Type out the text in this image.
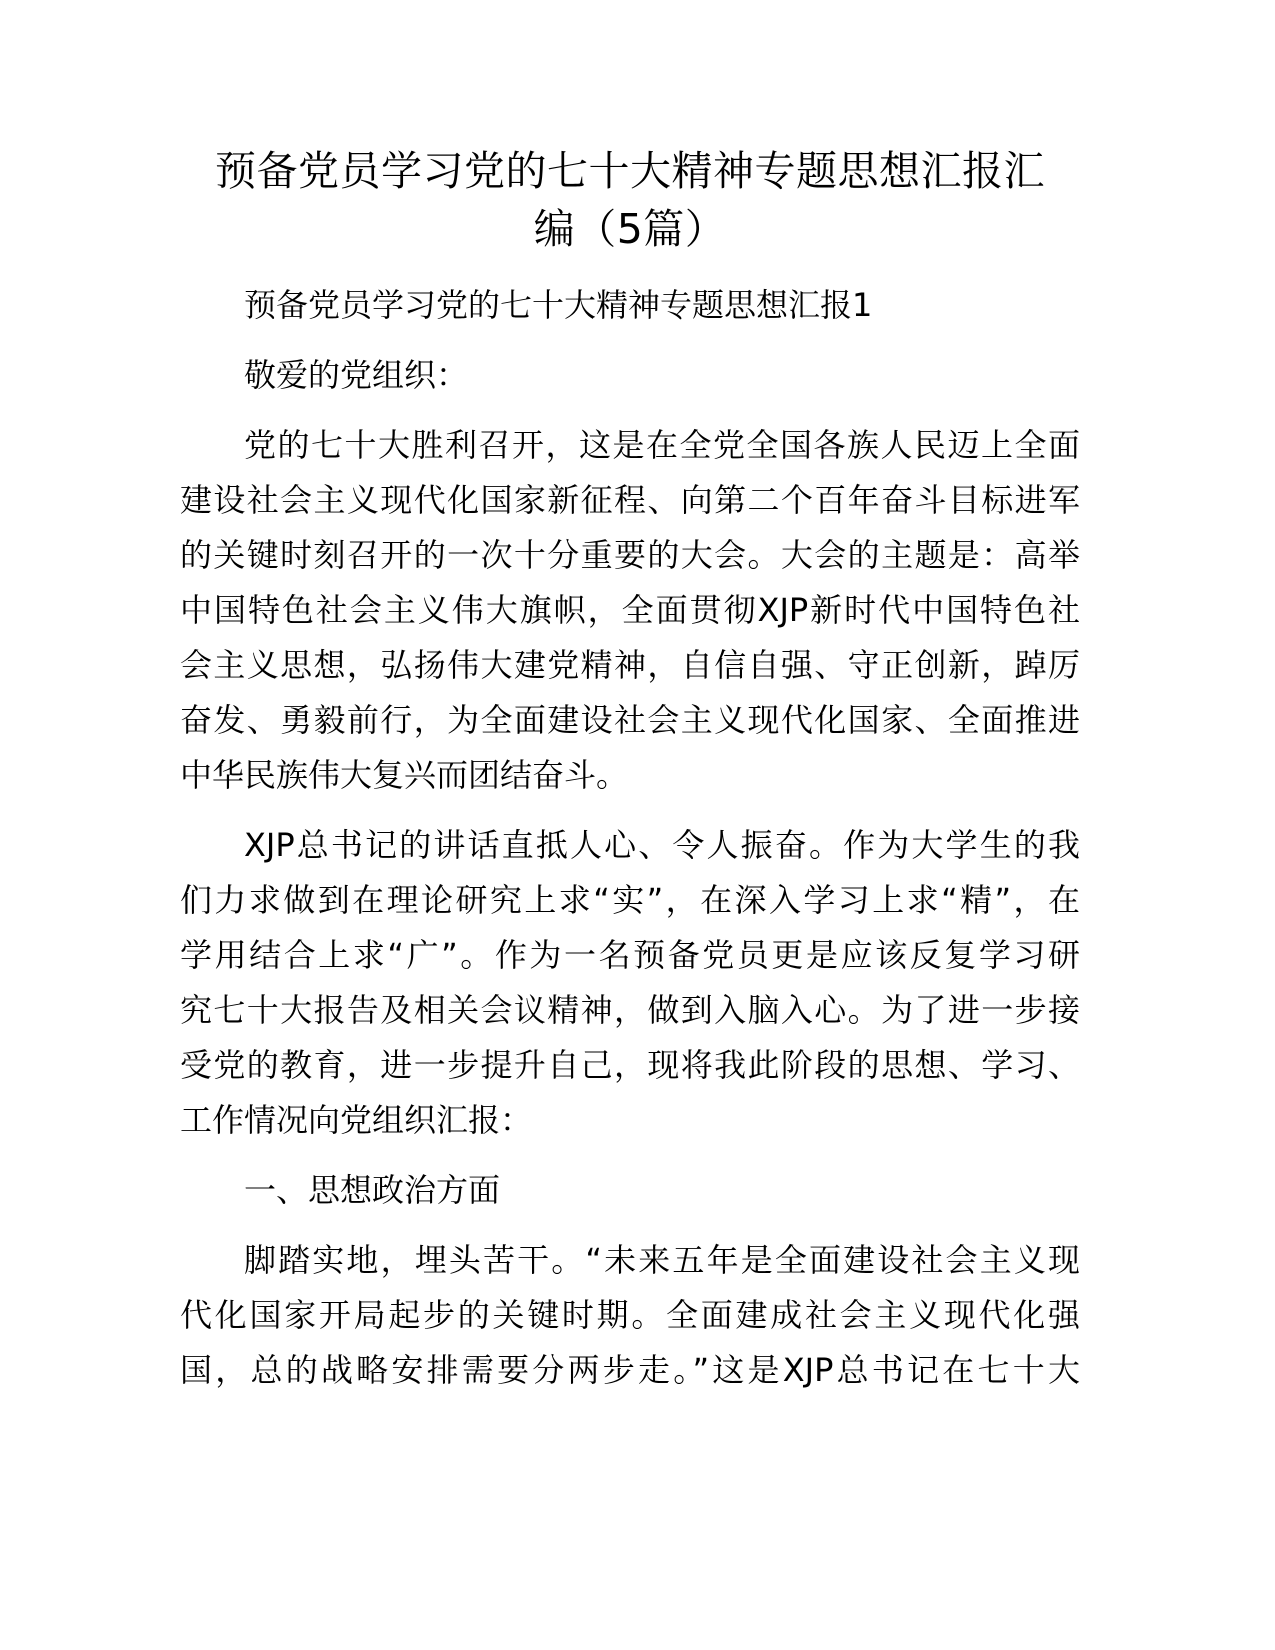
预备党员学习党的七十大精神专题思想汇报汇
编（5篇）

预备党员学习党的七十大精神专题思想汇报1

敬爱的党组织：

党的七十大胜利召开，这是在全党全国各族人民迈上全面
建设社会主义现代化国家新征程、向第二个百年奋斗目标进军
的关键时刻召开的一次十分重要的大会。大会的主题是：高举
中国特色社会主义伟大旗帜，全面贯彻XJP新时代中国特色社
会主义思想，弘扬伟大建党精神，自信自强、守正创新，踔厉
奋发、勇毅前行，为全面建设社会主义现代化国家、全面推进
中华民族伟大复兴而团结奋斗。

XJP总书记的讲话直抵人心、令人振奋。作为大学生的我
们力求做到在理论研究上求“实”，在深入学习上求“精”，在
学用结合上求“广”。作为一名预备党员更是应该反复学习研
究七十大报告及相关会议精神，做到入脑入心。为了进一步接
受党的教育，进一步提升自己，现将我此阶段的思想、学习、
工作情况向党组织汇报：

一、思想政治方面

脚踏实地，埋头苦干。“未来五年是全面建设社会主义现
代化国家开局起步的关键时期。全面建成社会主义现代化强
国，总的战略安排需要分两步走。”这是XJP总书记在七十大
